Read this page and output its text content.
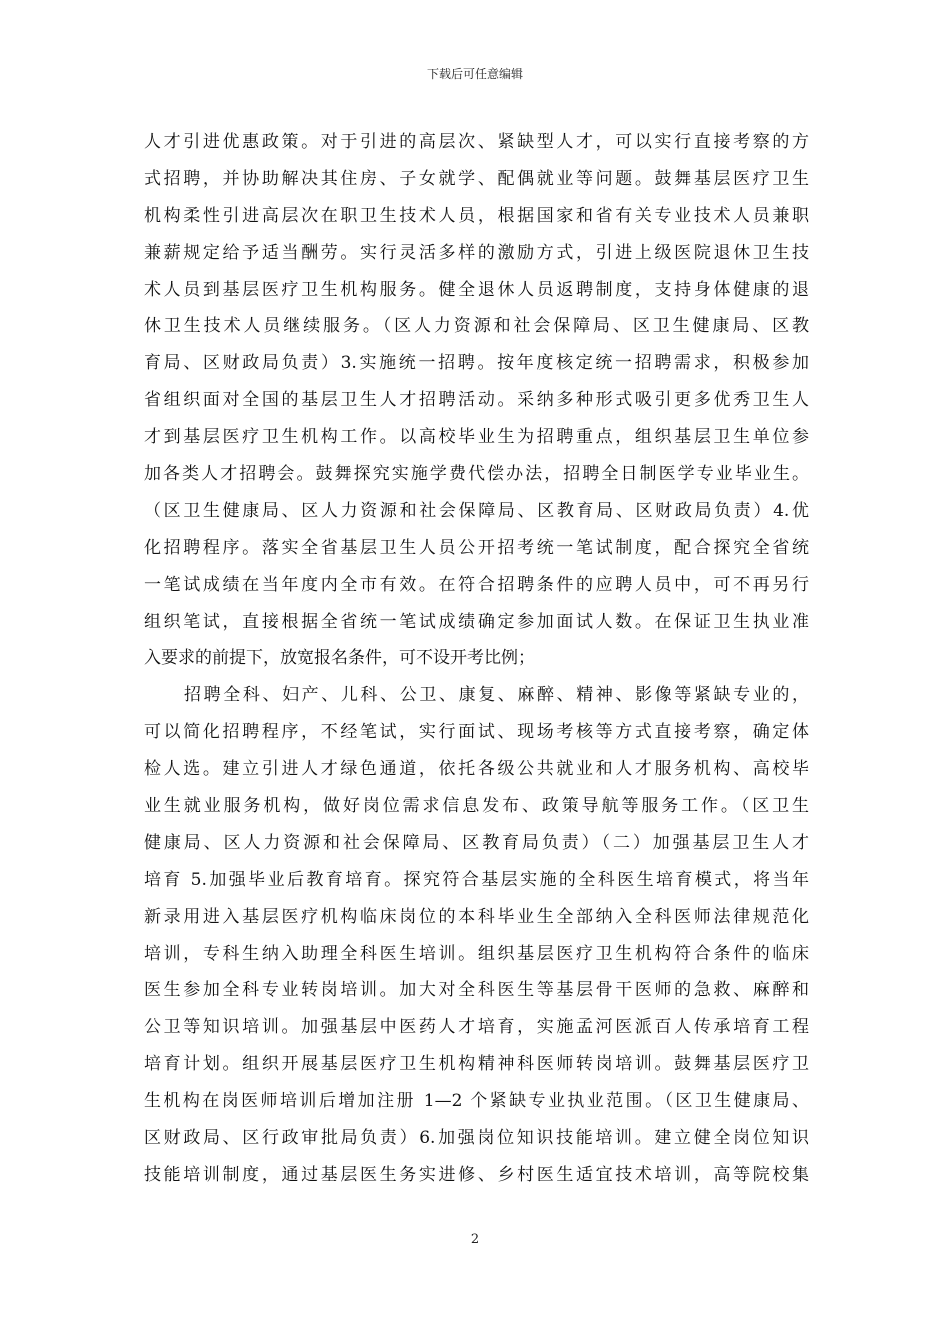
下载后可任意编辑
人才引进优惠政策。对于引进的高层次、紧缺型人才，可以实行直接考察的方
式招聘，并协助解决其住房、子女就学、配偶就业等问题。鼓舞基层医疗卫生
机构柔性引进高层次在职卫生技术人员，根据国家和省有关专业技术人员兼职
兼薪规定给予适当酬劳。实行灵活多样的激励方式，引进上级医院退休卫生技
术人员到基层医疗卫生机构服务。健全退休人员返聘制度，支持身体健康的退
休卫生技术人员继续服务。（区人力资源和社会保障局、区卫生健康局、区教
育局、区财政局负责）3.实施统一招聘。按年度核定统一招聘需求，积极参加
省组织面对全国的基层卫生人才招聘活动。采纳多种形式吸引更多优秀卫生人
才到基层医疗卫生机构工作。以高校毕业生为招聘重点，组织基层卫生单位参
加各类人才招聘会。鼓舞探究实施学费代偿办法，招聘全日制医学专业毕业生。
（区卫生健康局、区人力资源和社会保障局、区教育局、区财政局负责）4.优
化招聘程序。落实全省基层卫生人员公开招考统一笔试制度，配合探究全省统
一笔试成绩在当年度内全市有效。在符合招聘条件的应聘人员中，可不再另行
组织笔试，直接根据全省统一笔试成绩确定参加面试人数。在保证卫生执业准
入要求的前提下，放宽报名条件，可不设开考比例；
招聘全科、妇产、儿科、公卫、康复、麻醉、精神、影像等紧缺专业的，
可以简化招聘程序，不经笔试，实行面试、现场考核等方式直接考察，确定体
检人选。建立引进人才绿色通道，依托各级公共就业和人才服务机构、高校毕
业生就业服务机构，做好岗位需求信息发布、政策导航等服务工作。（区卫生
健康局、区人力资源和社会保障局、区教育局负责）（二）加强基层卫生人才
培育 5.加强毕业后教育培育。探究符合基层实施的全科医生培育模式，将当年
新录用进入基层医疗机构临床岗位的本科毕业生全部纳入全科医师法律规范化
培训，专科生纳入助理全科医生培训。组织基层医疗卫生机构符合条件的临床
医生参加全科专业转岗培训。加大对全科医生等基层骨干医师的急救、麻醉和
公卫等知识培训。加强基层中医药人才培育，实施孟河医派百人传承培育工程
培育计划。组织开展基层医疗卫生机构精神科医师转岗培训。鼓舞基层医疗卫
生机构在岗医师培训后增加注册 1—2 个紧缺专业执业范围。（区卫生健康局、
区财政局、区行政审批局负责）6.加强岗位知识技能培训。建立健全岗位知识
技能培训制度，通过基层医生务实进修、乡村医生适宜技术培训，高等院校集
2
